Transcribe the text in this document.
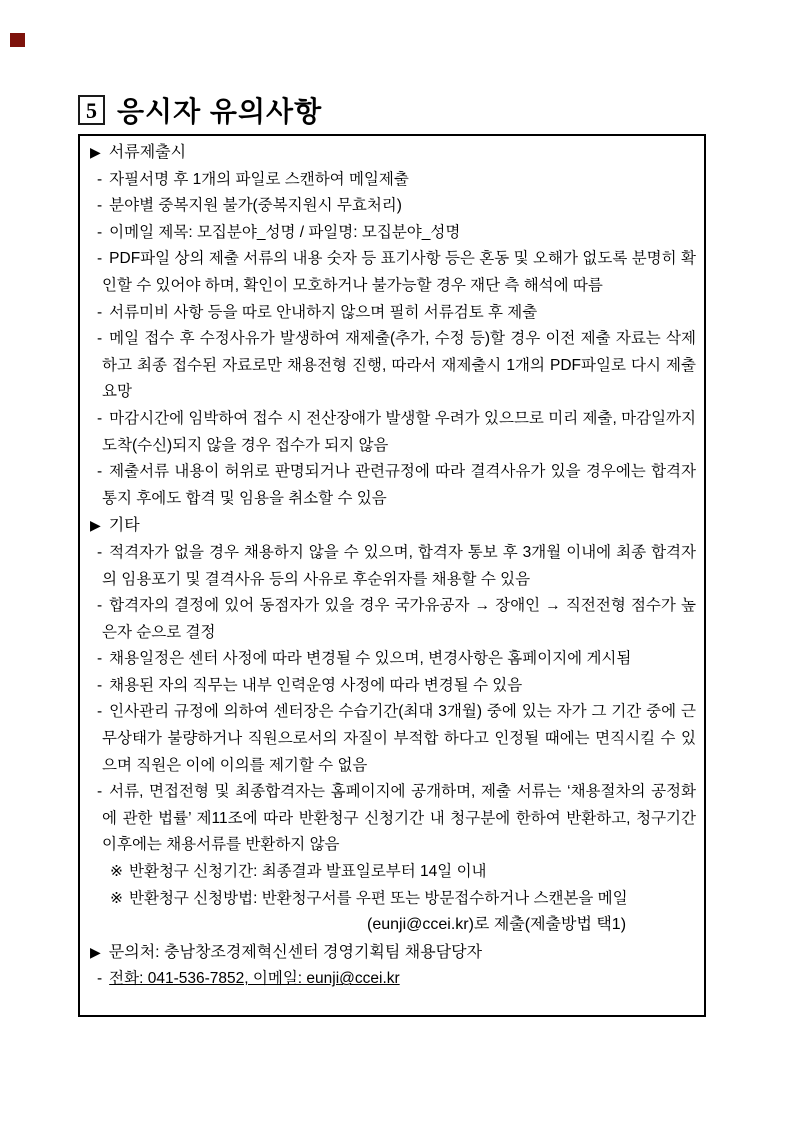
5 응시자 유의사항
▶ 서류제출시
- 자필서명 후 1개의 파일로 스캔하여 메일제출
- 분야별 중복지원 불가(중복지원시 무효처리)
- 이메일 제목: 모집분야_성명 / 파일명: 모집분야_성명
- PDF파일 상의 제출 서류의 내용 숫자 등 표기사항 등은 혼동 및 오해가 없도록 분명히 확인할 수 있어야 하며, 확인이 모호하거나 불가능할 경우 재단 측 해석에 따름
- 서류미비 사항 등을 따로 안내하지 않으며 필히 서류검토 후 제출
- 메일 접수 후 수정사유가 발생하여 재제출(추가, 수정 등)할 경우 이전 제출 자료는 삭제하고 최종 접수된 자료로만 채용전형 진행, 따라서 재제출시 1개의 PDF파일로 다시 제출요망
- 마감시간에 임박하여 접수 시 전산장애가 발생할 우려가 있으므로 미리 제출, 마감일까지 도착(수신)되지 않을 경우 접수가 되지 않음
- 제출서류 내용이 허위로 판명되거나 관련규정에 따라 결격사유가 있을 경우에는 합격자 통지 후에도 합격 및 임용을 취소할 수 있음
▶ 기타
- 적격자가 없을 경우 채용하지 않을 수 있으며, 합격자 통보 후 3개월 이내에 최종 합격자의 임용포기 및 결격사유 등의 사유로 후순위자를 채용할 수 있음
- 합격자의 결정에 있어 동점자가 있을 경우 국가유공자 → 장애인 → 직전전형 점수가 높은자 순으로 결정
- 채용일정은 센터 사정에 따라 변경될 수 있으며, 변경사항은 홈페이지에 게시됨
- 채용된 자의 직무는 내부 인력운영 사정에 따라 변경될 수 있음
- 인사관리 규정에 의하여 센터장은 수습기간(최대 3개월) 중에 있는 자가 그 기간 중에 근무상태가 불량하거나 직원으로서의 자질이 부적합 하다고 인정될 때에는 면직시킬 수 있으며 직원은 이에 이의를 제기할 수 없음
- 서류, 면접전형 및 최종합격자는 홈페이지에 공개하며, 제출 서류는 ‘채용절차의 공정화에 관한 법률’ 제11조에 따라 반환청구 신청기간 내 청구분에 한하여 반환하고, 청구기간 이후에는 채용서류를 반환하지 않음
※ 반환청구 신청기간: 최종결과 발표일로부터 14일 이내
※ 반환청구 신청방법: 반환청구서를 우편 또는 방문접수하거나 스캔본을 메일
(eunji@ccei.kr)로 제출(제출방법 택1)
▶ 문의처: 충남창조경제혁신센터 경영기획팀 채용담당자
- 전화: 041-536-7852, 이메일: eunji@ccei.kr
